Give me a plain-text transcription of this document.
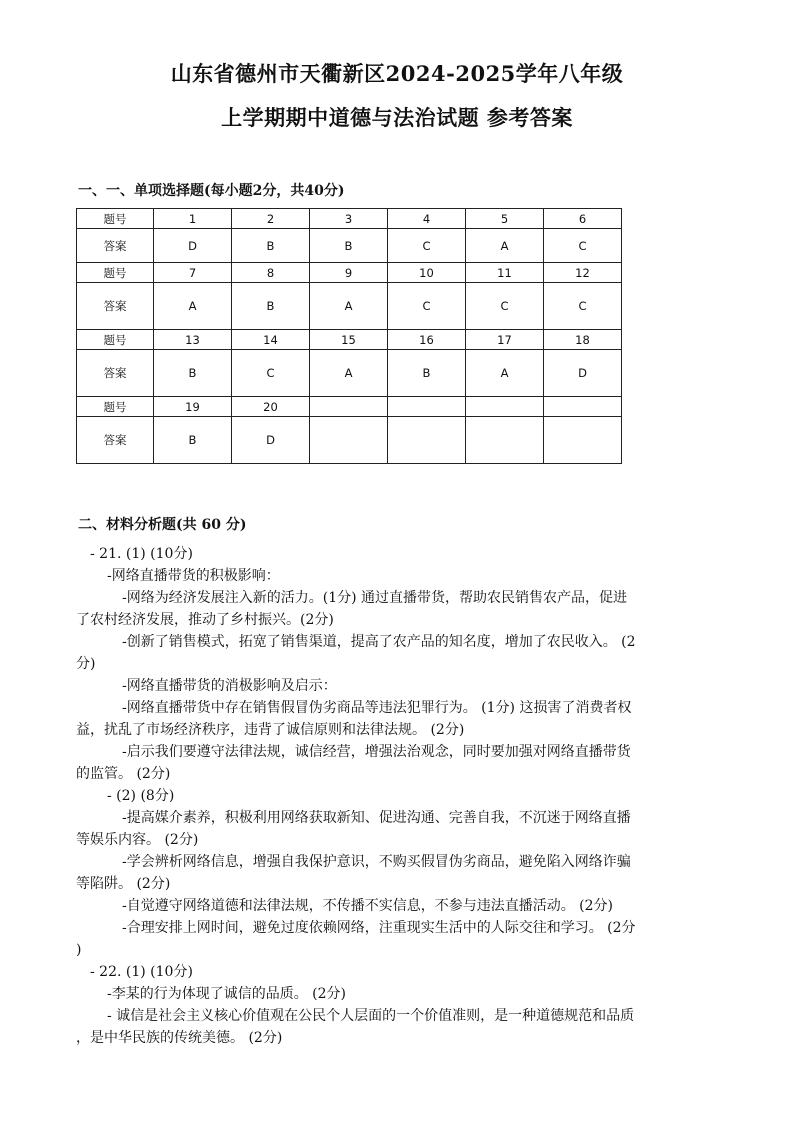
山东省德州市天衢新区2024-2025学年八年级
上学期期中道德与法治试题 参考答案
一、一、单项选择题(每小题2分，共40分)
题号	1	2	3	4	5	6
答案	D	B	B	C	A	C
题号	7	8	9	10	11	12
答案	A	B	A	C	C	C
题号	13	14	15	16	17	18
答案	B	C	A	B	A	D
题号	19	20				
答案	B	D				
二、材料分析题(共 60 分)
- 21. (1) (10分)
-网络直播带货的积极影响：
-网络为经济发展注入新的活力。(1分) 通过直播带货，帮助农民销售农产品，促进
了农村经济发展，推动了乡村振兴。(2分)
-创新了销售模式，拓宽了销售渠道，提高了农产品的知名度，增加了农民收入。 (2
分)
-网络直播带货的消极影响及启示：
-网络直播带货中存在销售假冒伪劣商品等违法犯罪行为。 (1分) 这损害了消费者权
益，扰乱了市场经济秩序，违背了诚信原则和法律法规。 (2分)
-启示我们要遵守法律法规，诚信经营，增强法治观念，同时要加强对网络直播带货
的监管。 (2分)
- (2) (8分)
-提高媒介素养，积极利用网络获取新知、促进沟通、完善自我，不沉迷于网络直播
等娱乐内容。 (2分)
-学会辨析网络信息，增强自我保护意识，不购买假冒伪劣商品，避免陷入网络诈骗
等陷阱。 (2分)
-自觉遵守网络道德和法律法规，不传播不实信息，不参与违法直播活动。 (2分)
-合理安排上网时间，避免过度依赖网络，注重现实生活中的人际交往和学习。 (2分
)
- 22. (1) (10分)
-李某的行为体现了诚信的品质。 (2分)
- 诚信是社会主义核心价值观在公民个人层面的一个价值准则，是一种道德规范和品质
，是中华民族的传统美德。 (2分)
